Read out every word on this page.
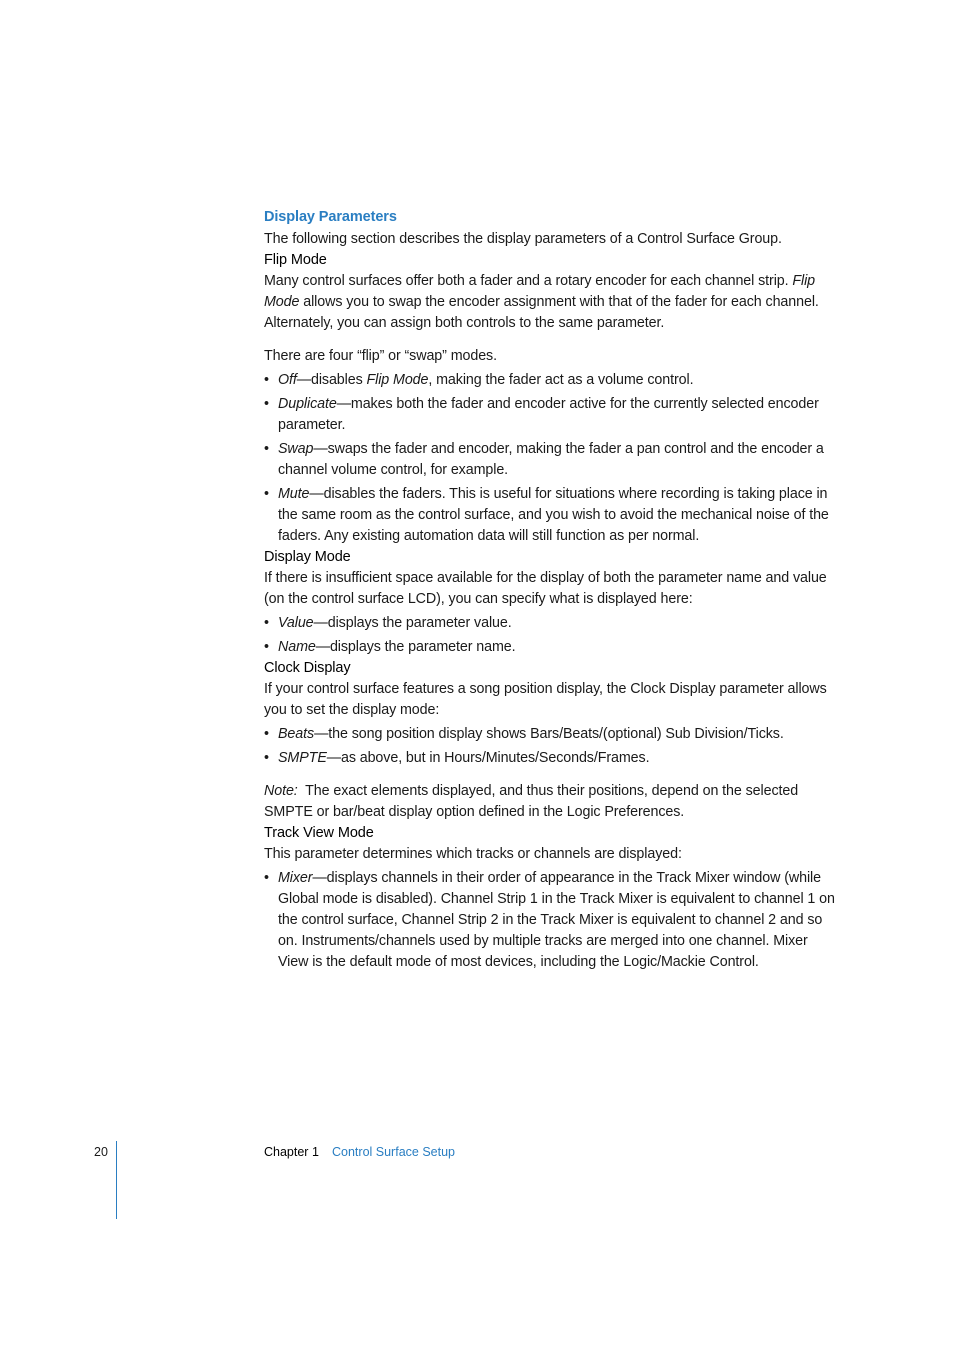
Display Parameters

The following section describes the display parameters of a Control Surface Group.

Flip Mode

Many control surfaces offer both a fader and a rotary encoder for each channel strip. Flip Mode allows you to swap the encoder assignment with that of the fader for each channel. Alternately, you can assign both controls to the same parameter.

There are four “flip” or “swap” modes.

• Off—disables Flip Mode, making the fader act as a volume control.
• Duplicate—makes both the fader and encoder active for the currently selected encoder parameter.
• Swap—swaps the fader and encoder, making the fader a pan control and the encoder a channel volume control, for example.
• Mute—disables the faders. This is useful for situations where recording is taking place in the same room as the control surface, and you wish to avoid the mechanical noise of the faders. Any existing automation data will still function as per normal.
Display Mode

If there is insufficient space available for the display of both the parameter name and value (on the control surface LCD), you can specify what is displayed here:

• Value—displays the parameter value.
• Name—displays the parameter name.
Clock Display

If your control surface features a song position display, the Clock Display parameter allows you to set the display mode:

• Beats—the song position display shows Bars/Beats/(optional) Sub Division/Ticks.
• SMPTE—as above, but in Hours/Minutes/Seconds/Frames.

Note:  The exact elements displayed, and thus their positions, depend on the selected SMPTE or bar/beat display option defined in the Logic Preferences.

Track View Mode

This parameter determines which tracks or channels are displayed:

• Mixer—displays channels in their order of appearance in the Track Mixer window (while Global mode is disabled). Channel Strip 1 in the Track Mixer is equivalent to channel 1 on the control surface, Channel Strip 2 in the Track Mixer is equivalent to channel 2 and so on. Instruments/channels used by multiple tracks are merged into one channel. Mixer View is the default mode of most devices, including the Logic/Mackie Control.
20	Chapter 1 Control Surface Setup
